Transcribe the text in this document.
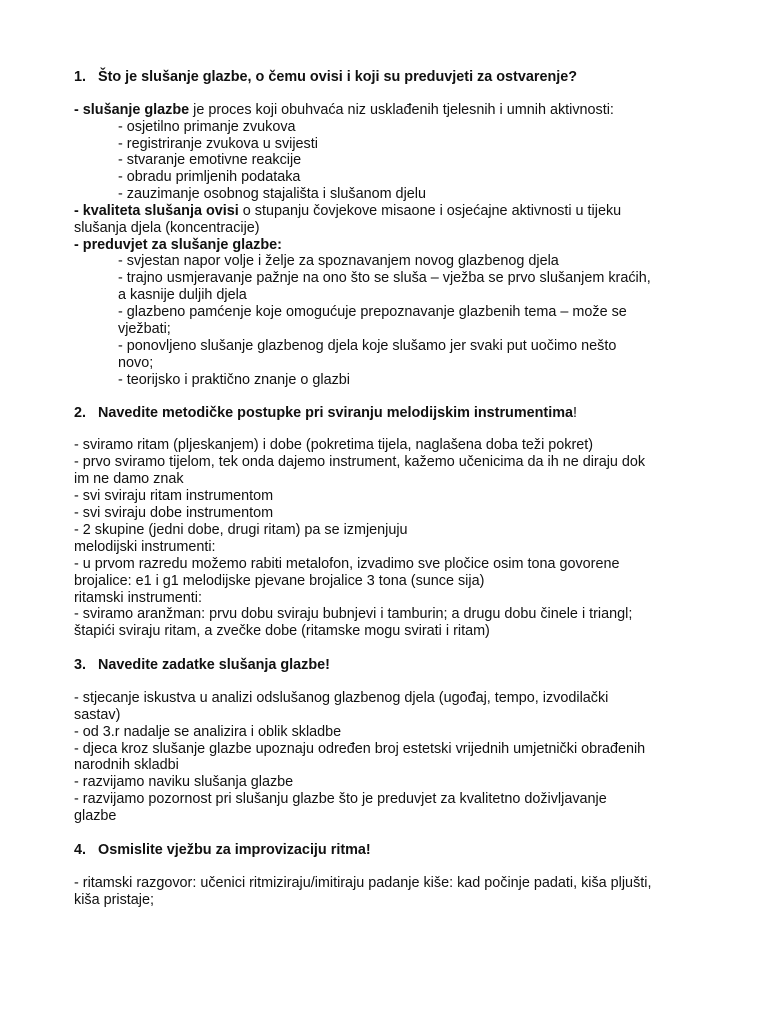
1. Što je slušanje glazbe, o čemu ovisi i koji su preduvjeti za ostvarenje?
- slušanje glazbe je proces koji obuhvaća niz usklađenih tjelesnih i umnih aktivnosti:
- osjetilno primanje zvukova
- registriranje zvukova u svijesti
- stvaranje emotivne reakcije
- obradu primljenih podataka
- zauzimanje osobnog stajališta i slušanom djelu
- kvaliteta slušanja ovisi o stupanju čovjekove misaone i osjećajne aktivnosti u tijeku
slušanja djela (koncentracije)
- preduvjet za slušanje glazbe:
- svjestan napor volje i želje za spoznavanjem novog glazbenog djela
- trajno usmjeravanje pažnje na ono što se sluša – vježba se prvo slušanjem kraćih,
a kasnije duljih djela
- glazbeno pamćenje koje omogućuje prepoznavanje glazbenih tema – može se
vježbati;
- ponovljeno slušanje glazbenog djela koje slušamo jer svaki put uočimo nešto
novo;
- teorijsko i praktično znanje o glazbi
2. Navedite metodičke postupke pri sviranju melodijskim instrumentima!
- sviramo ritam (pljeskanjem) i dobe (pokretima tijela, naglašena doba teži pokret)
- prvo sviramo tijelom, tek onda dajemo instrument, kažemo učenicima da ih ne diraju dok
im ne damo znak
- svi sviraju ritam instrumentom
- svi sviraju dobe instrumentom
- 2 skupine (jedni dobe, drugi ritam) pa se izmjenjuju
melodijski instrumenti:
- u prvom razredu možemo rabiti metalofon, izvadimo sve pločice osim tona govorene
brojalice: e1 i g1 melodijske pjevane brojalice 3 tona (sunce sija)
ritamski instrumenti:
- sviramo aranžman: prvu dobu sviraju bubnjevi i tamburin; a drugu dobu činele i triangl;
štapići sviraju ritam, a zvečke dobe (ritamske mogu svirati i ritam)
3. Navedite zadatke slušanja glazbe!
- stjecanje iskustva u analizi odslušanog glazbenog djela (ugođaj, tempo, izvodilački
sastav)
- od 3.r nadalje se analizira i oblik skladbe
- djeca kroz slušanje glazbe upoznaju određen broj estetski vrijednih umjetnički obrađenih
narodnih skladbi
- razvijamo naviku slušanja glazbe
- razvijamo pozornost pri slušanju glazbe što je preduvjet za kvalitetno doživljavanje
glazbe
4. Osmislite vježbu za improvizaciju ritma!
- ritamski razgovor: učenici ritmiziraju/imitiraju padanje kiše: kad počinje padati, kiša pljušti,
kiša pristaje;
